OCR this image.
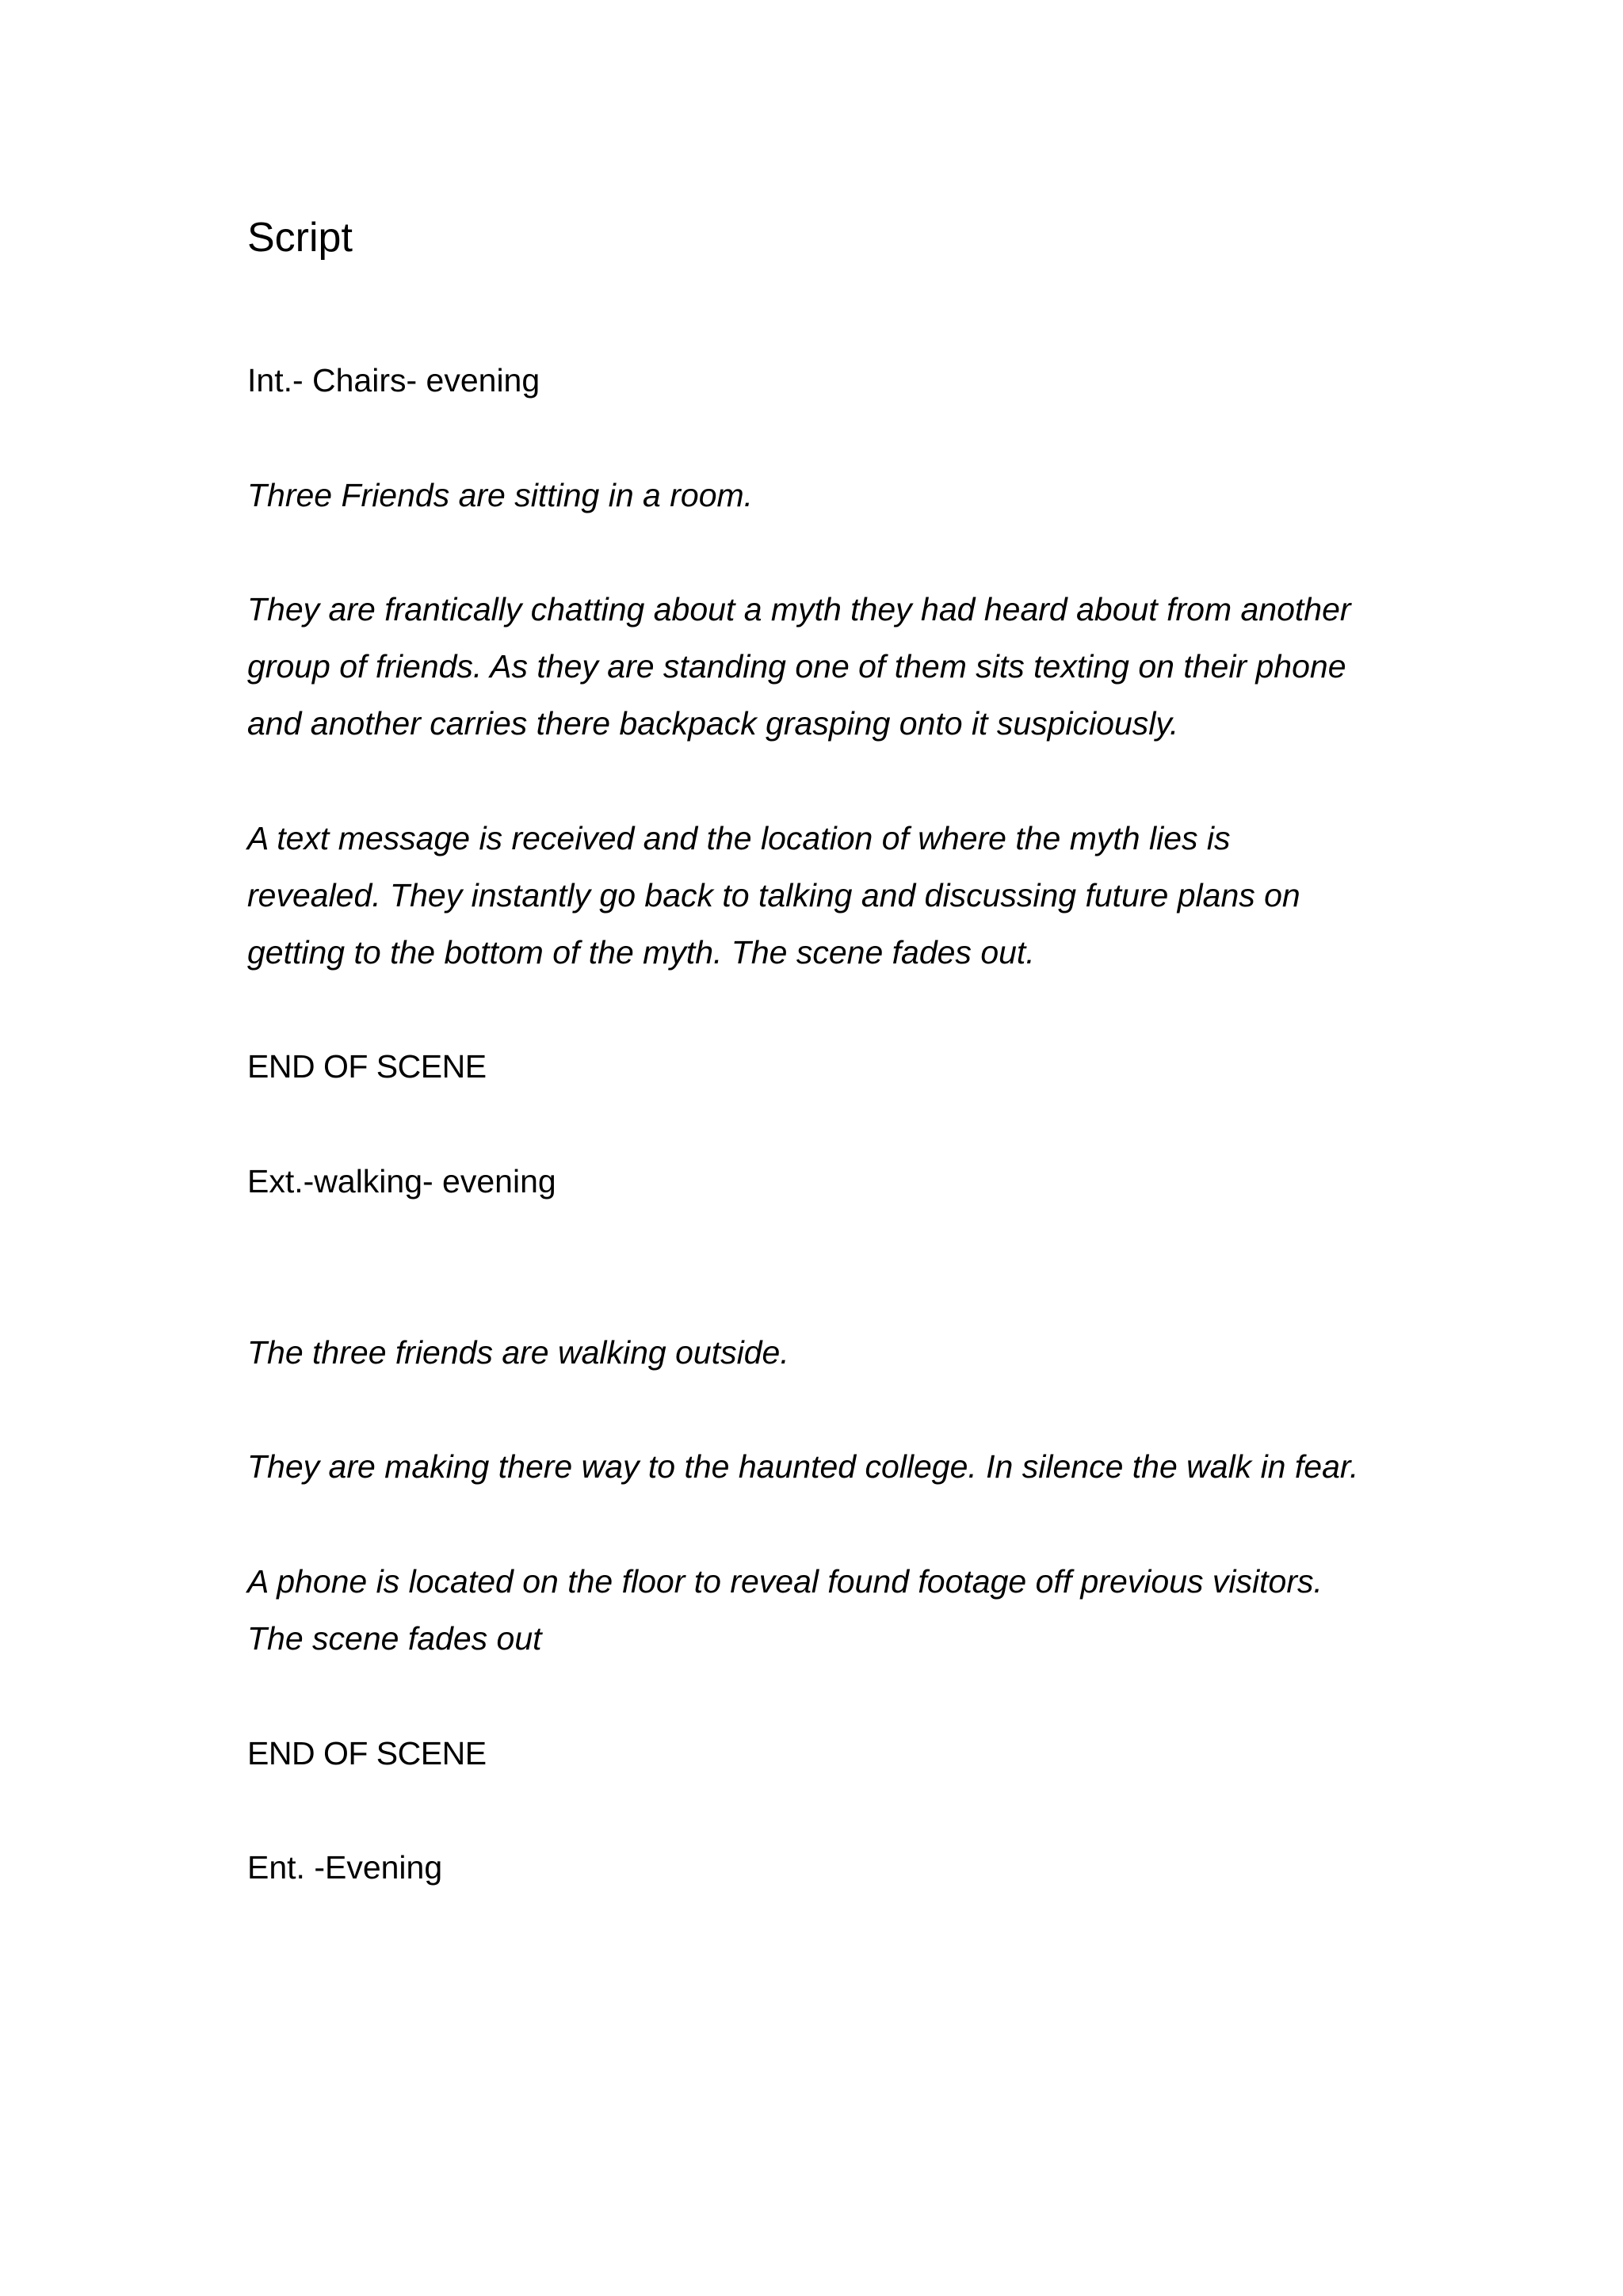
Script

Int.- Chairs- evening

Three Friends are sitting in a room.

They are frantically chatting about a myth they had heard about from another

group of friends. As they are standing one of them sits texting on their phone

and another carries there backpack grasping onto it suspiciously.

A text message is received and the location of where the myth lies is

revealed. They instantly go back to talking and discussing future plans on

getting to the bottom of the myth. The scene fades out.

END OF SCENE

Ext.-walking- evening

The three friends are walking outside.

They are making there way to the haunted college. In silence the walk in fear.

A phone is located on the floor to reveal found footage off previous visitors.

The scene fades out

END OF SCENE

Ent. -Evening
